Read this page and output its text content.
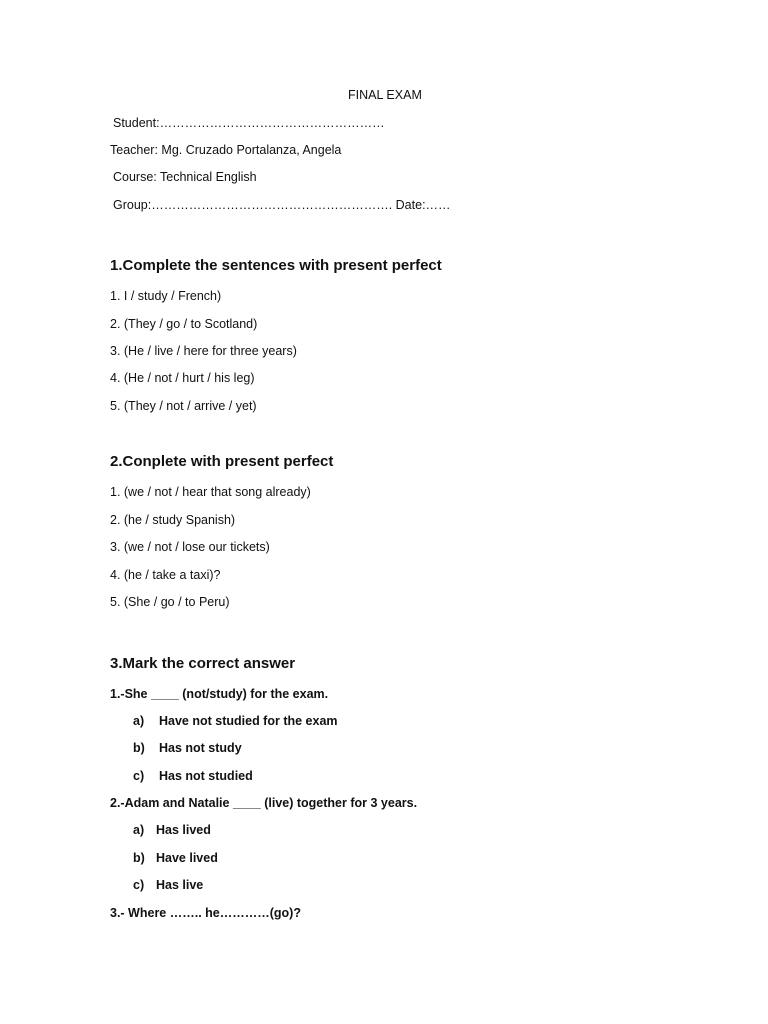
FINAL EXAM
Student:………………………………………………
Teacher: Mg. Cruzado Portalanza, Angela
Course: Technical English
Group:…………………………………………………. Date:……
1.Complete the sentences with present perfect
1. I / study / French)
2. (They / go / to Scotland)
3. (He / live / here for three years)
4. (He / not / hurt / his leg)
5. (They / not / arrive / yet)
2.Conplete with present perfect
1. (we / not / hear that song already)
2. (he / study Spanish)
3. (we / not / lose our tickets)
4. (he / take a taxi)?
5. (She / go / to Peru)
3.Mark the correct answer
1.-She ____ (not/study) for the exam.
a) Have not studied for the exam
b) Has not study
c) Has not studied
2.-Adam and Natalie ____ (live) together for 3 years.
a) Has lived
b) Have lived
c) Has live
3.- Where …….. he…………(go)?
